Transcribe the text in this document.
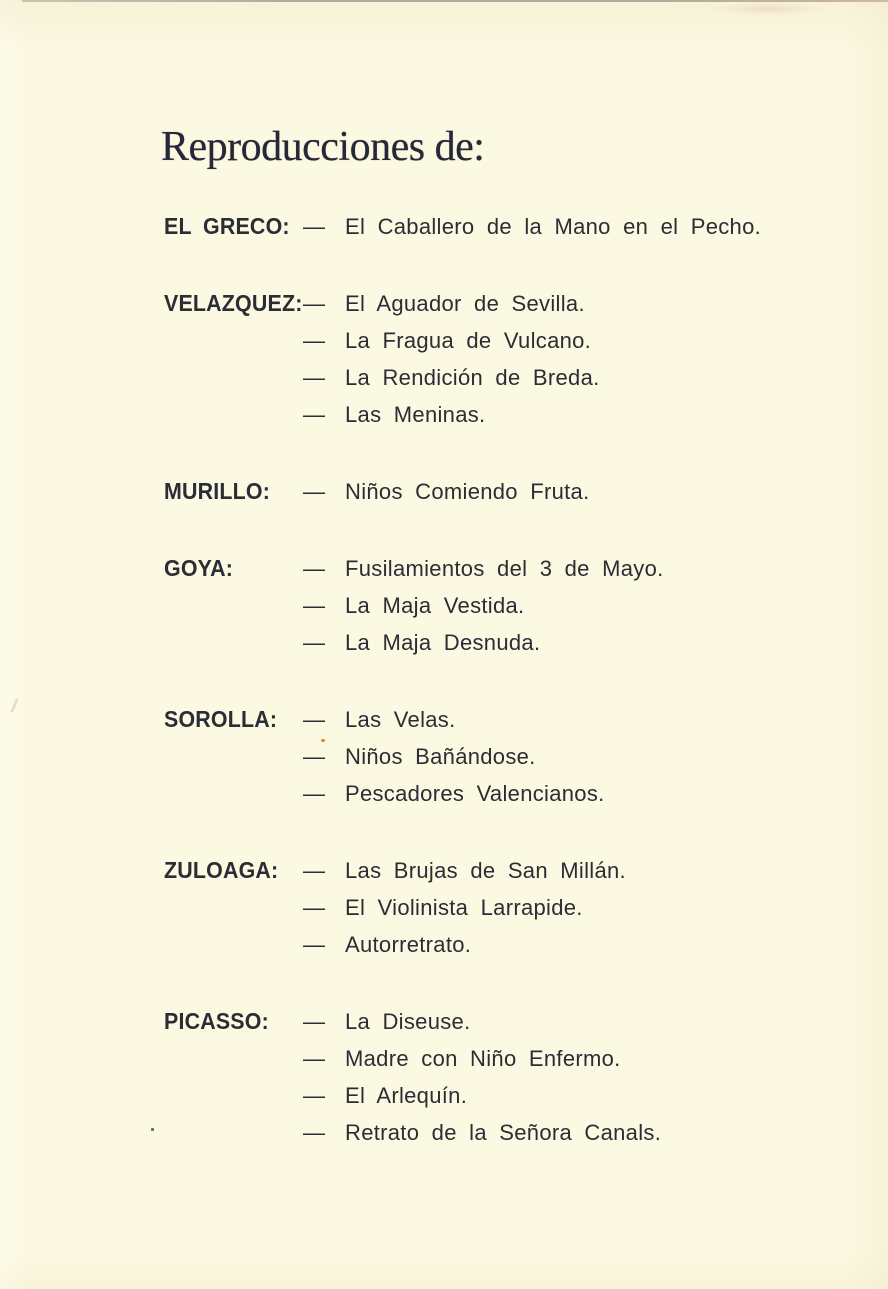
Reproducciones de:
EL GRECO: — El Caballero de la Mano en el Pecho.
VELAZQUEZ: — El Aguador de Sevilla.
— La Fragua de Vulcano.
— La Rendición de Breda.
— Las Meninas.
MURILLO: — Niños Comiendo Fruta.
GOYA:	— Fusilamientos del 3 de Mayo.
— La Maja Vestida.
— La Maja Desnuda.
SOROLLA: — Las Velas.
— Niños Bañándose.
— Pescadores Valencianos.
ZULOAGA: — Las Brujas de San Millán.
— El Violinista Larrapide.
— Autorretrato.
PICASSO: — La Diseuse.
— Madre con Niño Enfermo.
— El Arlequín.
— Retrato de la Señora Canals.
